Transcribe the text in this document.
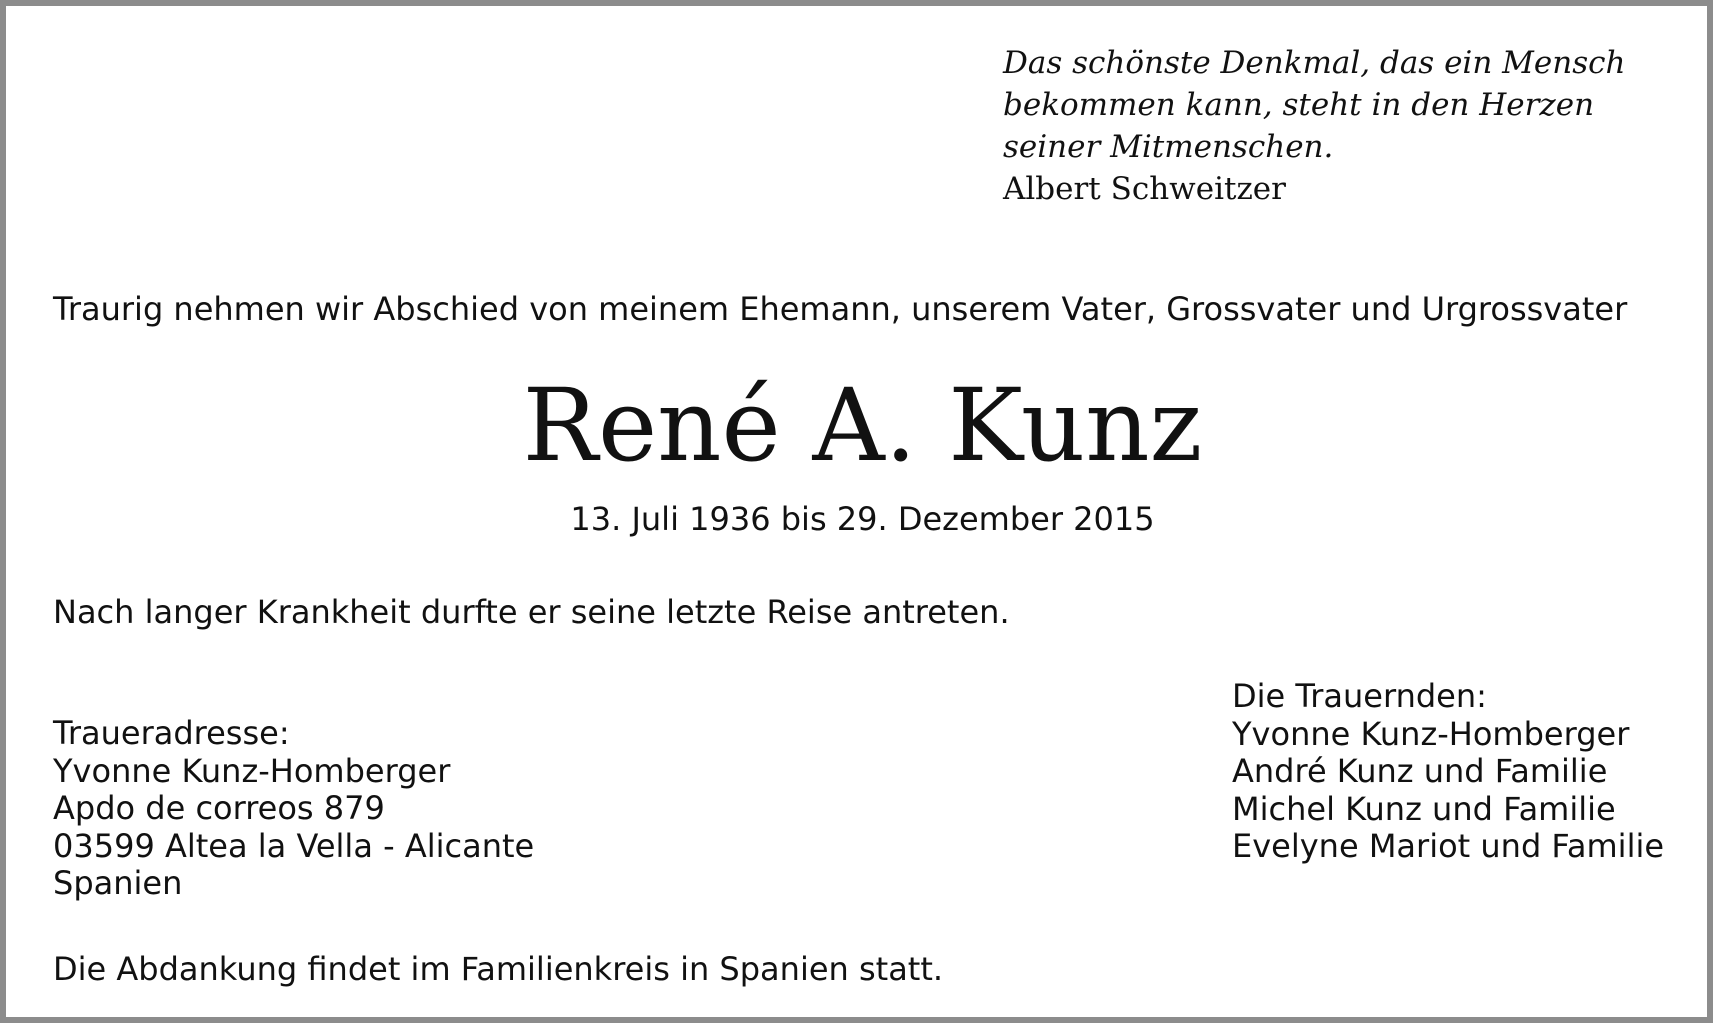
Das schönste Denkmal, das ein Mensch
bekommen kann, steht in den Herzen
seiner Mitmenschen.
Albert Schweitzer
Traurig nehmen wir Abschied von meinem Ehemann, unserem Vater, Grossvater und Urgrossvater
René A. Kunz
13. Juli 1936 bis 29. Dezember 2015
Nach langer Krankheit durfte er seine letzte Reise antreten.
Traueradresse:
Yvonne Kunz-Homberger
Apdo de correos 879
03599 Altea la Vella - Alicante
Spanien
Die Trauernden:
Yvonne Kunz-Homberger
André Kunz und Familie
Michel Kunz und Familie
Evelyne Mariot und Familie
Die Abdankung findet im Familienkreis in Spanien statt.
